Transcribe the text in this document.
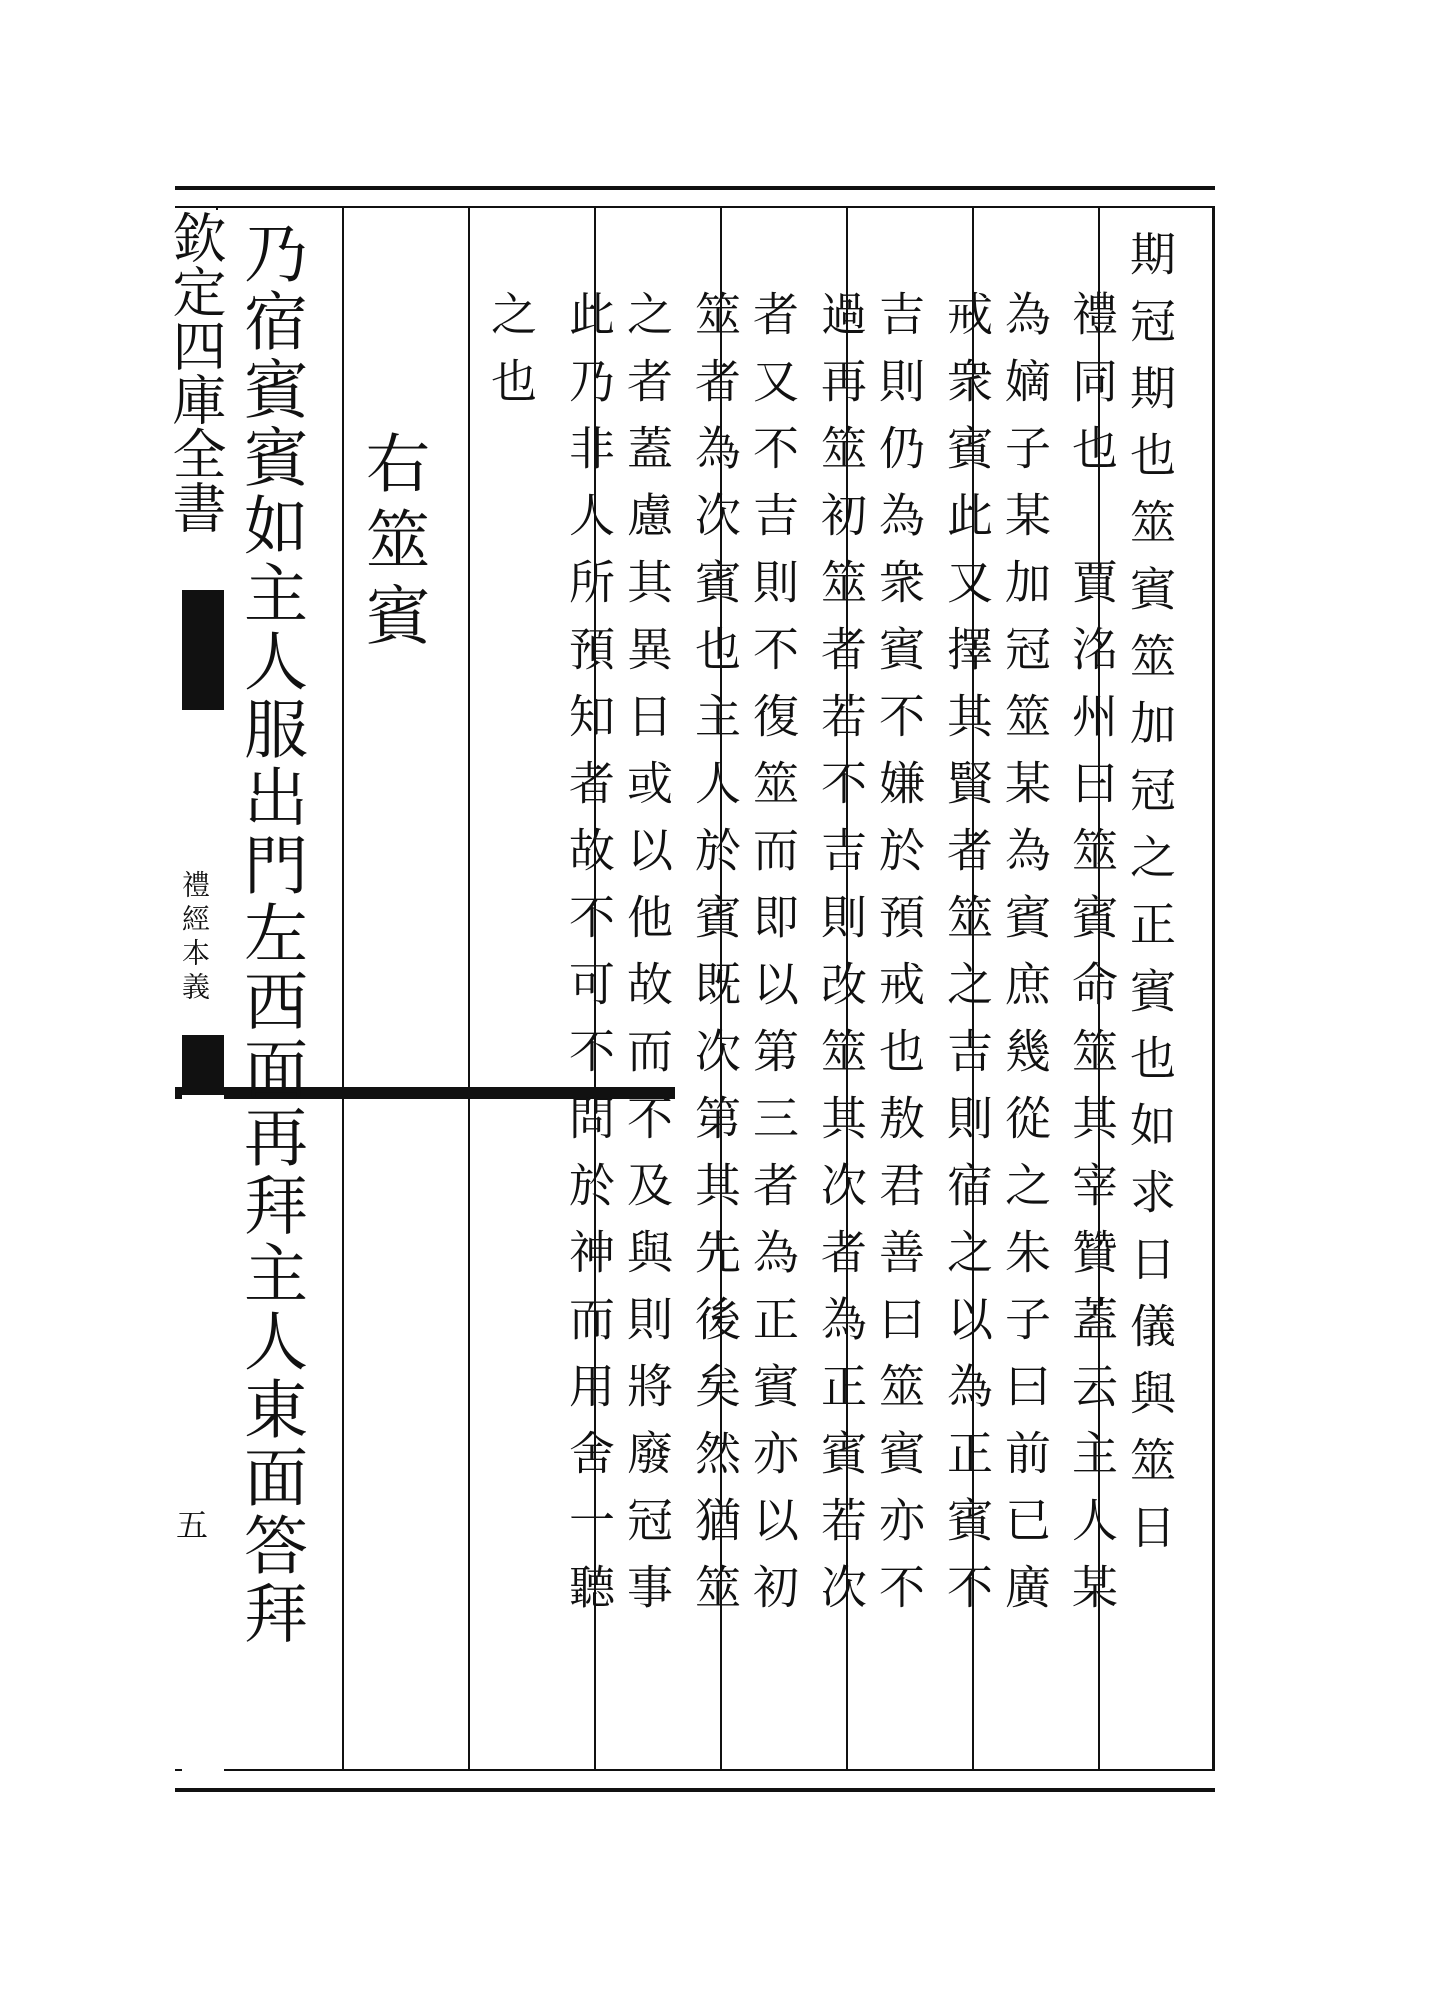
欽定四庫全書
禮經本義
五	期冠期也筮賓筮加冠之正賓也如求日儀與筮日
禮同也　賈洺州曰筮賓命筮其宰贊蓋云主人某
為嫡子某加冠筮某為賓庶幾從之朱子曰前已廣
戒衆賓此又擇其賢者筮之吉則宿之以為正賓不
吉則仍為衆賓不嫌於預戒也敖君善曰筮賓亦不
過再筮初筮者若不吉則改筮其次者為正賓若次
者又不吉則不復筮而即以第三者為正賓亦以初
筮者為次賓也主人於賓既次第其先後矣然猶筮
之者蓋慮其異日或以他故而不及與則將廢冠事
此乃非人所預知者故不可不問於神而用舍一聽
之也
右筮賓
乃宿賓賓如主人服出門左西面再拜主人東面答拜
